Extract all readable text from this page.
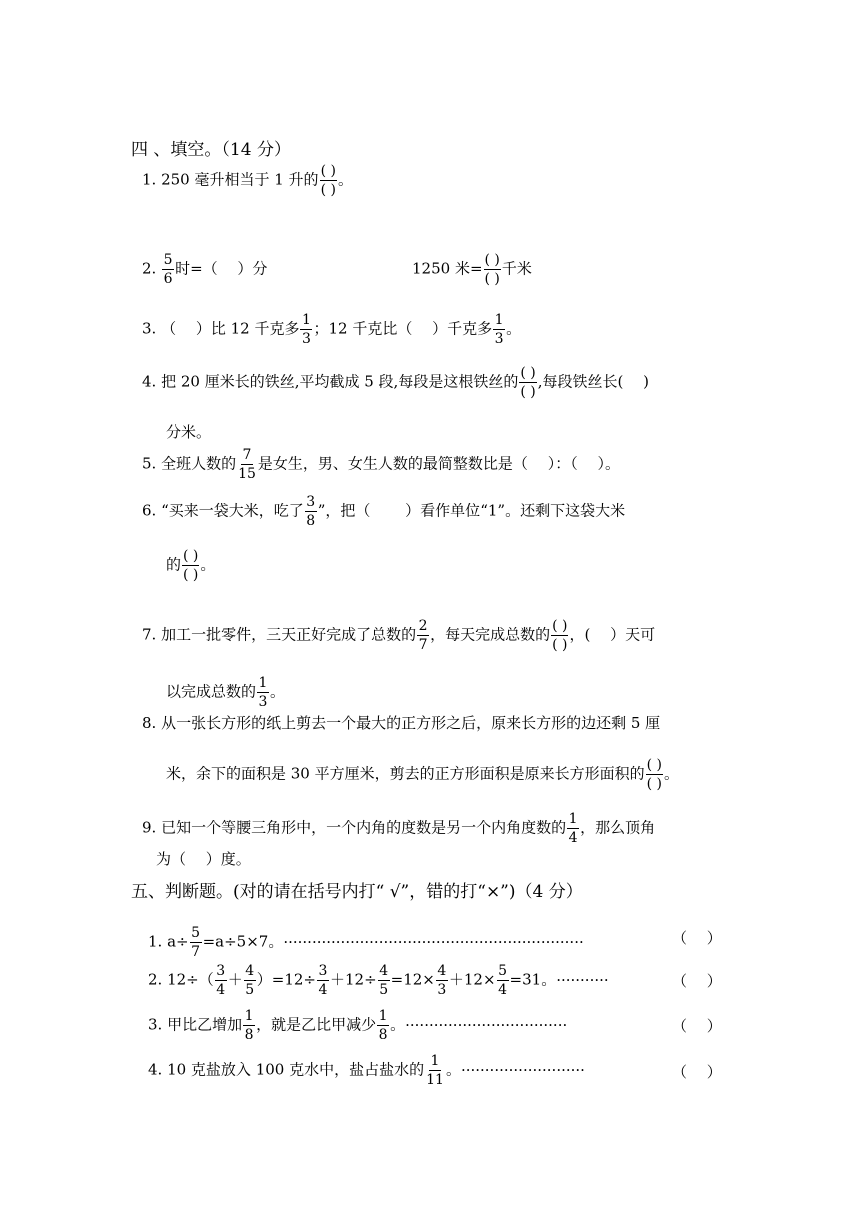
四 、填空。（14 分）
1. 250 毫升相当于 1 升的 $\frac{( )}{( )}$ 。
2. $\frac{5}{6}$ 时=（　 ）分	1250 米= $\frac{( )}{( )}$ 千米
3. （　 ）比 12 千克多 $\frac{1}{3}$ ；12 千克比（　 ）千克多 $\frac{1}{3}$ 。
4. 把 20 厘米长的铁丝,平均截成 5 段,每段是这根铁丝的 $\frac{( )}{( )}$ ,每段铁丝长(　 )
分米。
5. 全班人数的 $\frac{7}{15}$ 是女生，男、女生人数的最简整数比是（　 ）：（　 ）。
6. “买来一袋大米，吃了 $\frac{3}{8}$ ”，把（　　 ）看作单位“1”。还剩下这袋大米
的 $\frac{( )}{( )}$ 。
7. 加工一批零件，三天正好完成了总数的 $\frac{2}{7}$ ，每天完成总数的 $\frac{( )}{( )}$ ，(　 ）天可
以完成总数的 $\frac{1}{3}$ 。
8. 从一张长方形的纸上剪去一个最大的正方形之后，原来长方形的边还剩 5 厘
米，余下的面积是 30 平方厘米，剪去的正方形面积是原来长方形面积的 $\frac{( )}{( )}$ 。
9. 已知一个等腰三角形中，一个内角的度数是另一个内角度数的 $\frac{1}{4}$ ，那么顶角
为（　 ）度。
五、判断题。(对的请在括号内打“ √”，错的打“×”)（4 分）
1. $a\div \frac{5}{7} =a\div 5\times 7$。·······························································	（　 ）
2. $12\div( \frac{3}{4} + \frac{4}{5} )=12\div \frac{3}{4} +12\div \frac{4}{5} =12\times \frac{4}{3} +12\times \frac{5}{4} =31$。···········	（　 ）
3. 甲比乙增加 $\frac{1}{8}$ ，就是乙比甲减少 $\frac{1}{8}$ 。··································	（　 ）
4. 10 克盐放入 100 克水中，盐占盐水的 $\frac{1}{11}$ 。··························	（　 ）
